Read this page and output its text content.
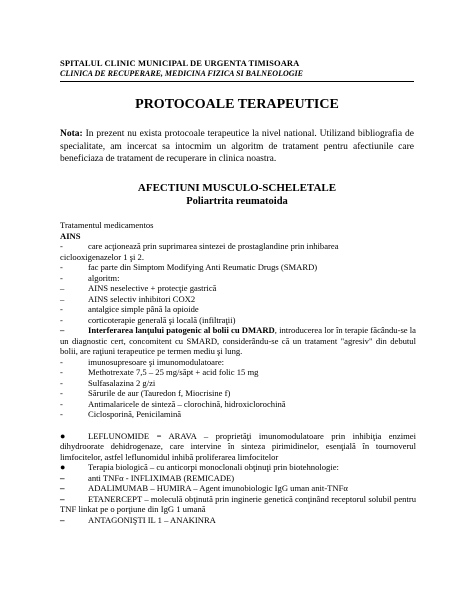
SPITALUL CLINIC MUNICIPAL DE URGENTA TIMISOARA
CLINICA DE RECUPERARE, MEDICINA FIZICA SI BALNEOLOGIE
PROTOCOALE TERAPEUTICE
Nota: In prezent nu exista protocoale terapeutice la nivel national. Utilizand bibliografia de specialitate, am incercat sa intocmim un algoritm de tratament pentru afectiunile care beneficiaza de tratament de recuperare in clinica noastra.
AFECTIUNI MUSCULO-SCHELETALE
Poliartrita reumatoida
Tratamentul medicamentos
AINS
-	care acţionează prin suprimarea sintezei de prostaglandine prin inhibarea
ciclooxigenazelor 1 şi 2.
-	fac parte din Simptom Modifying Anti Reumatic Drugs (SMARD)
-	algoritm:
–	AINS neselective + protecţie gastrică
–	AINS selectiv inhibitori COX2
-	antalgice simple până la opioide
-	corticoterapie generală şi locală (infiltraţii)
–	Interferarea lanţului patogenic al bolii cu DMARD, introducerea lor în terapie făcându-se la un diagnostic cert, concomitent cu SMARD, considerându-se că un tratament "agresiv" din debutul bolii, are raţiuni terapeutice pe termen mediu şi lung.
-	imunosupresoare şi imunomodulatoare:
-	Methotrexate 7,5 – 25 mg/săpt + acid folic 15 mg
-	Sulfasalazina 2 g/zi
-	Sărurile de aur (Tauredon f, Miocrisine f)
-	Antimalaricele de sinteză – clorochină, hidroxiclorochină
-	Ciclosporină, Penicilamină
●	LEFLUNOMIDE = ARAVA – proprietăţi imunomodulatoare prin inhibiţia enzimei dihydroorate dehidrogenaze, care intervine în sinteza pirimidinelor, esenţială în tournoverul limfocitelor, astfel leflunomidul inhibă proliferarea limfocitelor
●	Terapia biologică – cu anticorpi monoclonali obţinuţi prin biotehnologie:
–	anti TNFα - INFLIXIMAB (REMICADE)
–	ADALIMUMAB – HUMIRA – Agent imunobiologic IgG uman anit-TNFα
–	ETANERCEPT – moleculă obţinută prin inginerie genetică conţinând receptorul solubil pentru TNF linkat pe o porţiune din IgG 1 umană
–	ANTAGONIŞTI IL 1 – ANAKINRA
